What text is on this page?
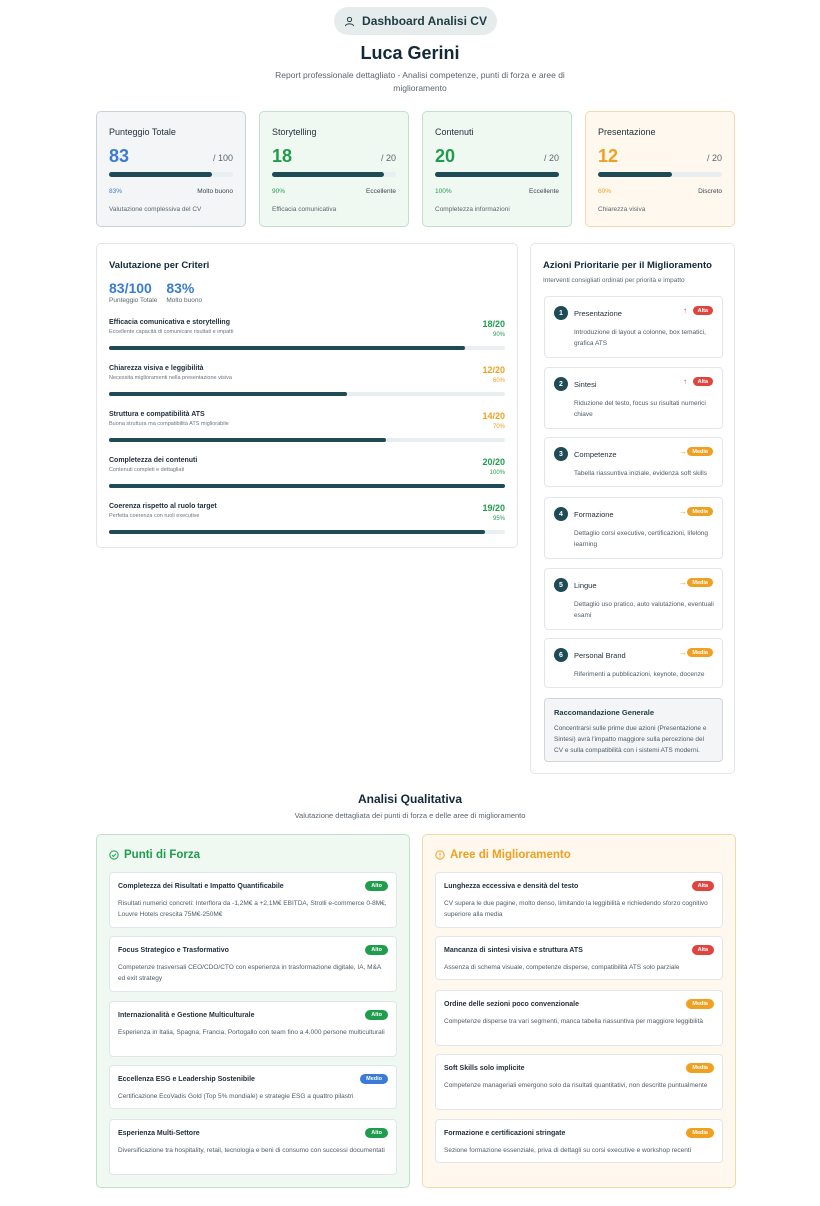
Dashboard Analisi CV
Luca Gerini
Report professionale dettagliato - Analisi competenze, punti di forza e aree di miglioramento
Punteggio Totale
83	/ 100
83%	Molto buono
Valutazione complessiva del CV
Storytelling
18	/ 20
90%	Eccellente
Efficacia comunicativa
Contenuti
20	/ 20
100%	Eccellente
Completezza informazioni
Presentazione
12	/ 20
60%	Discreto
Chiarezza visiva
Valutazione per Criteri
83/100
Punteggio Totale
83%
Molto buono
Efficacia comunicativa e storytelling
Eccellente capacità di comunicare risultati e impatti
18/20
90%
Chiarezza visiva e leggibilità
Necessita miglioramenti nella presentazione visiva
12/20
60%
Struttura e compatibilità ATS
Buona struttura ma compatibilità ATS migliorabile
14/20
70%
Completezza dei contenuti
Contenuti completi e dettagliati
20/20
100%
Coerenza rispetto al ruolo target
Perfetta coerenza con ruoli executive
19/20
95%
Azioni Prioritarie per il Miglioramento
Interventi consigliati ordinati per priorità e impatto
1	Presentazione	↑	Alta
Introduzione di layout a colonne, box tematici, grafica ATS
2	Sintesi	↑	Alta
Riduzione del testo, focus su risultati numerici chiave
3	Competenze	→ Media
Tabella riassuntiva iniziale, evidenza soft skills
4	Formazione	→ Media
Dettaglio corsi executive, certificazioni, lifelong learning
5	Lingue	→ Media
Dettaglio uso pratico, auto valutazione, eventuali esami
6	Personal Brand	→ Media
Riferimenti a pubblicazioni, keynote, docenze
Raccomandazione Generale
Concentrarsi sulle prime due azioni (Presentazione e Sintesi) avrà l'impatto maggiore sulla percezione del CV e sulla compatibilità con i sistemi ATS moderni.
Analisi Qualitativa
Valutazione dettagliata dei punti di forza e delle aree di miglioramento
Punti di Forza
Completezza dei Risultati e Impatto Quantificabile	Alto
Risultati numerici concreti: Interflora da -1,2M€ a +2,1M€ EBITDA, Strolli e-commerce 0-8M€, Louvre Hotels crescita 75M€-250M€
Focus Strategico e Trasformativo	Alto
Competenze trasversali CEO/CDO/CTO con esperienza in trasformazione digitale, IA, M&A ed exit strategy
Internazionalità e Gestione Multiculturale	Alto
Esperienza in Italia, Spagna, Francia, Portogallo con team fino a 4.000 persone multiculturali
Eccellenza ESG e Leadership Sostenibile	Medio
Certificazione EcoVadis Gold (Top 5% mondiale) e strategie ESG a quattro pilastri
Esperienza Multi-Settore	Alto
Diversificazione tra hospitality, retail, tecnologia e beni di consumo con successi documentati
Aree di Miglioramento
Lunghezza eccessiva e densità del testo	Alta
CV supera le due pagine, molto denso, limitando la leggibilità e richiedendo sforzo cognitivo superiore alla media
Mancanza di sintesi visiva e struttura ATS	Alta
Assenza di schema visuale, competenze disperse, compatibilità ATS solo parziale
Ordine delle sezioni poco convenzionale	Media
Competenze disperse tra vari segmenti, manca tabella riassuntiva per maggiore leggibilità
Soft Skills solo implicite	Media
Competenze manageriali emergono solo da risultati quantitativi, non descritte puntualmente
Formazione e certificazioni stringate	Media
Sezione formazione essenziale, priva di dettagli su corsi executive e workshop recenti
